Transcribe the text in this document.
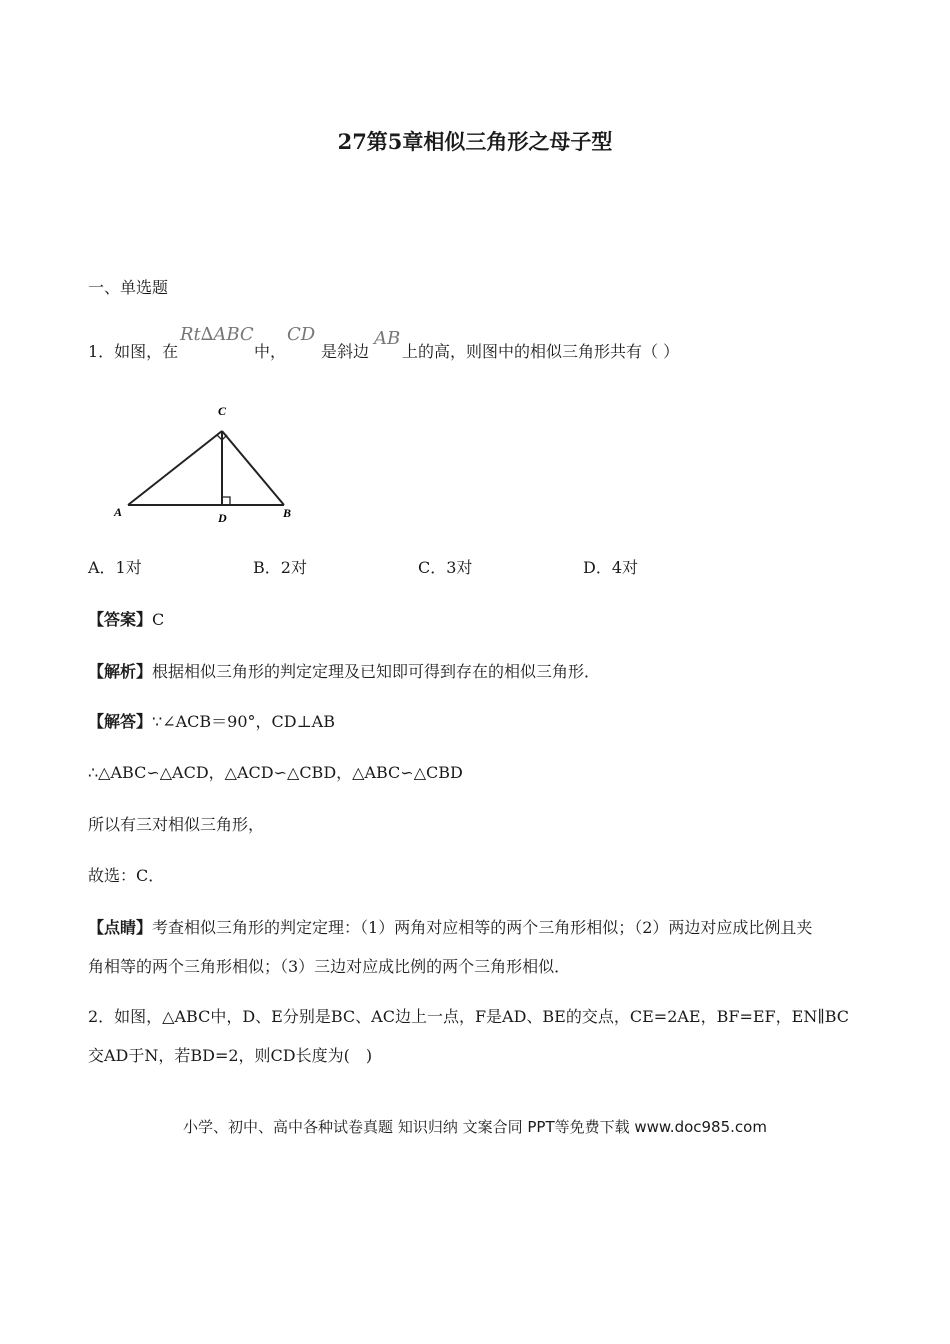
27第5章相似三角形之母子型
一、单选题
1．如图，在
Rt∆ABC
中，
CD
是斜边
AB
上的高，则图中的相似三角形共有（ ）
C
A	D	B
A．1对	B．2对	C．3对	D．4对
【答案】C
【解析】根据相似三角形的判定定理及已知即可得到存在的相似三角形．
【解答】∵∠ACB＝90°，CD⊥AB
∴△ABC∽△ACD，△ACD∽△CBD，△ABC∽△CBD
所以有三对相似三角形，
故选：C．
【点睛】考查相似三角形的判定定理：（1）两角对应相等的两个三角形相似；（2）两边对应成比例且夹
角相等的两个三角形相似；（3）三边对应成比例的两个三角形相似．
2．如图，△ABC中，D、E分别是BC、AC边上一点，F是AD、BE的交点，CE=2AE，BF=EF，EN∥BC
交AD于N，若BD=2，则CD长度为(　)
小学、初中、高中各种试卷真题 知识归纳 文案合同 PPT等免费下载 www.doc985.com
